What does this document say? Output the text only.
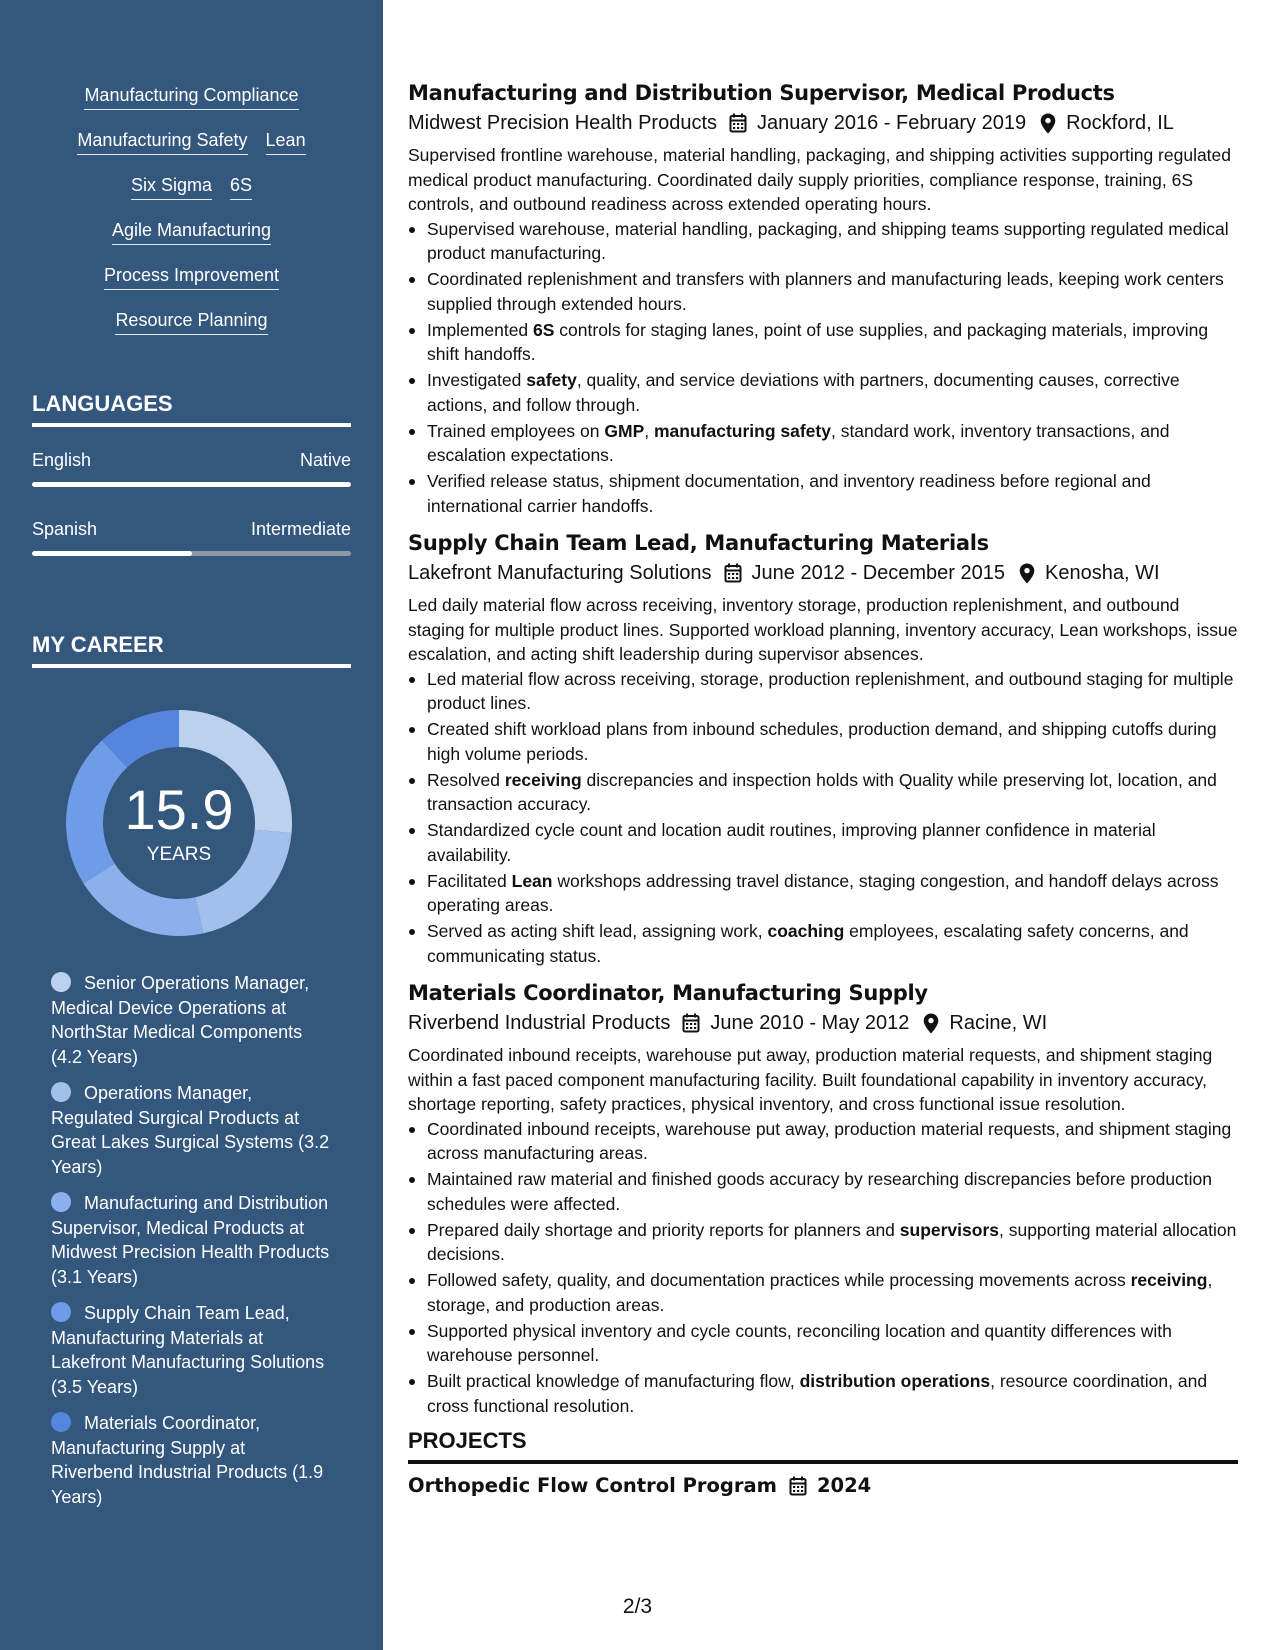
Manufacturing Compliance
Manufacturing Safety Lean
Six Sigma 6S
Agile Manufacturing
Process Improvement
Resource Planning
LANGUAGES
English	Native
Spanish	Intermediate
MY CAREER
15.9
YEARS
Senior Operations Manager, Medical Device Operations at NorthStar Medical Components (4.2 Years)
Operations Manager, Regulated Surgical Products at Great Lakes Surgical Systems (3.2 Years)
Manufacturing and Distribution Supervisor, Medical Products at Midwest Precision Health Products (3.1 Years)
Supply Chain Team Lead, Manufacturing Materials at Lakefront Manufacturing Solutions (3.5 Years)
Materials Coordinator, Manufacturing Supply at Riverbend Industrial Products (1.9 Years)
Manufacturing and Distribution Supervisor, Medical Products
Midwest Precision Health Products January 2016 - February 2019 Rockford, IL
Supervised frontline warehouse, material handling, packaging, and shipping activities supporting regulated medical product manufacturing. Coordinated daily supply priorities, compliance response, training, 6S controls, and outbound readiness across extended operating hours.
Supervised warehouse, material handling, packaging, and shipping teams supporting regulated medical product manufacturing.
Coordinated replenishment and transfers with planners and manufacturing leads, keeping work centers supplied through extended hours.
Implemented 6S controls for staging lanes, point of use supplies, and packaging materials, improving shift handoffs.
Investigated safety, quality, and service deviations with partners, documenting causes, corrective actions, and follow through.
Trained employees on GMP, manufacturing safety, standard work, inventory transactions, and escalation expectations.
Verified release status, shipment documentation, and inventory readiness before regional and international carrier handoffs.
Supply Chain Team Lead, Manufacturing Materials
Lakefront Manufacturing Solutions June 2012 - December 2015 Kenosha, WI
Led daily material flow across receiving, inventory storage, production replenishment, and outbound staging for multiple product lines. Supported workload planning, inventory accuracy, Lean workshops, issue escalation, and acting shift leadership during supervisor absences.
Led material flow across receiving, storage, production replenishment, and outbound staging for multiple product lines.
Created shift workload plans from inbound schedules, production demand, and shipping cutoffs during high volume periods.
Resolved receiving discrepancies and inspection holds with Quality while preserving lot, location, and transaction accuracy.
Standardized cycle count and location audit routines, improving planner confidence in material availability.
Facilitated Lean workshops addressing travel distance, staging congestion, and handoff delays across operating areas.
Served as acting shift lead, assigning work, coaching employees, escalating safety concerns, and communicating status.
Materials Coordinator, Manufacturing Supply
Riverbend Industrial Products June 2010 - May 2012 Racine, WI
Coordinated inbound receipts, warehouse put away, production material requests, and shipment staging within a fast paced component manufacturing facility. Built foundational capability in inventory accuracy, shortage reporting, safety practices, physical inventory, and cross functional issue resolution.
Coordinated inbound receipts, warehouse put away, production material requests, and shipment staging across manufacturing areas.
Maintained raw material and finished goods accuracy by researching discrepancies before production schedules were affected.
Prepared daily shortage and priority reports for planners and supervisors, supporting material allocation decisions.
Followed safety, quality, and documentation practices while processing movements across receiving, storage, and production areas.
Supported physical inventory and cycle counts, reconciling location and quantity differences with warehouse personnel.
Built practical knowledge of manufacturing flow, distribution operations, resource coordination, and cross functional resolution.
PROJECTS
Orthopedic Flow Control Program 2024
2/3
